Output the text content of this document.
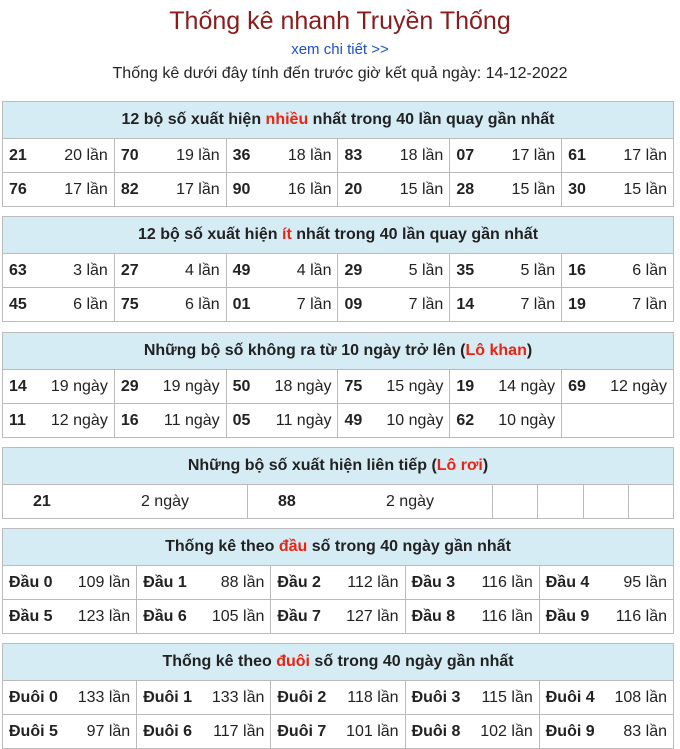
Thống kê nhanh Truyền Thống
xem chi tiết >>
Thống kê dưới đây tính đến trước giờ kết quả ngày: 14-12-2022
12 bộ số xuất hiện nhiều nhất trong 40 lần quay gần nhất					

21 20 lần	70 19 lần	36 18 lần	83 18 lần	07 17 lần	61 17 lần

76 17 lần	82 17 lần	90 16 lần	20 15 lần	28 15 lần	30 15 lần
12 bộ số xuất hiện ít nhất trong 40 lần quay gần nhất					

63 3 lần	27 4 lần	49 4 lần	29 5 lần	35 5 lần	16 6 lần

45 6 lần	75 6 lần	01 7 lần	09 7 lần	14 7 lần	19 7 lần
Những bộ số không ra từ 10 ngày trở lên (Lô khan)					

14 19 ngày	29 19 ngày	50 18 ngày	75 15 ngày	19 14 ngày	69 12 ngày

11 12 ngày	16 11 ngày	05 11 ngày	49 10 ngày	62 10 ngày	

Những bộ số xuất hiện liên tiếp (Lô rơi)

21	2 ngày	88	2 ngày

Thống kê theo đầu số trong 40 ngày gần nhất				

Đầu 0 109 lần	Đầu 1 88 lần	Đầu 2 112 lần	Đầu 3 116 lần	Đầu 4 95 lần

Đầu 5 123 lần	Đầu 6 105 lần	Đầu 7 127 lần	Đầu 8 116 lần	Đầu 9 116 lần
Thống kê theo đuôi số trong 40 ngày gần nhất				

Đuôi 0 133 lần	Đuôi 1 133 lần	Đuôi 2 118 lần	Đuôi 3 115 lần	Đuôi 4 108 lần

Đuôi 5 97 lần	Đuôi 6 117 lần	Đuôi 7 101 lần	Đuôi 8 102 lần	Đuôi 9 83 lần
